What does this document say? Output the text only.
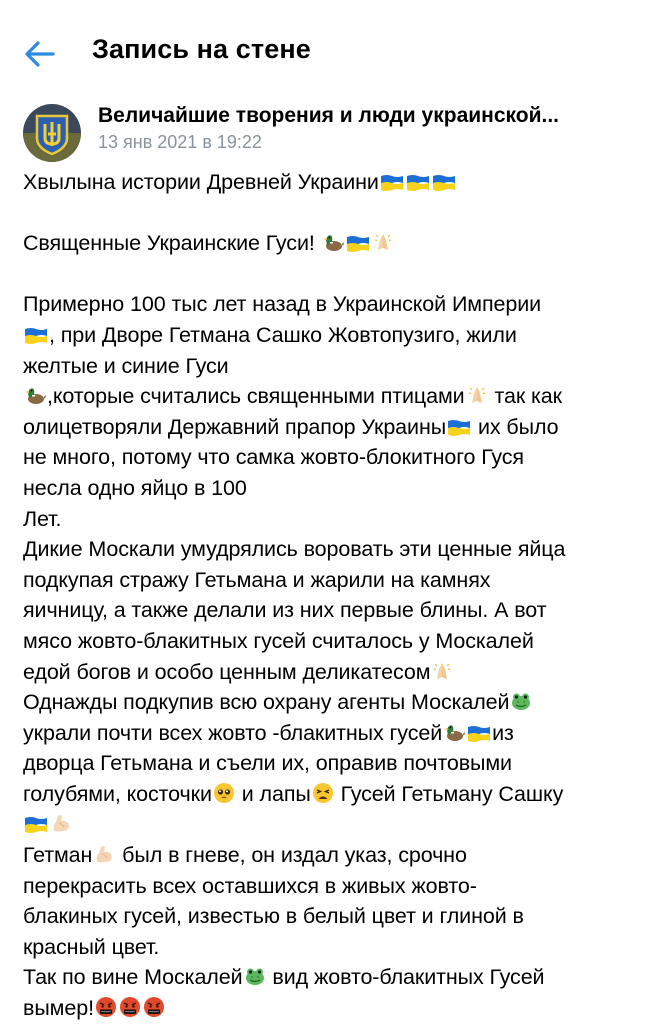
Запись на стене
Величайшие творения и люди украинской...
13 янв 2021 в 19:22

Хвылына истории Древней Украини

Священные Украинские Гуси!

Примерно 100 тыс лет назад в Украинской Империи

, при Дворе Гетмана Сашко Жовтопузиго, жили

желтые и синие Гуси

,которые считались священными птицами так как

олицетворяли Державний прапор Украины их было

не много, потому что самка жовто-блокитного Гуся

несла одно яйцо в 100

Лет.

Дикие Москали умудрялись воровать эти ценные яйца

подкупая стражу Гетьмана и жарили на камнях

яичницу, а также делали из них первые блины. А вот

мясо жовто-блакитных гусей считалось у Москалей

едой богов и особо ценным деликатесом

Однажды подкупив всю охрану агенты Москалей

украли почти всех жовто -блакитных гусей из

дворца Гетьмана и съели их, оправив почтовыми

голубями, косточки и лапы Гусей Гетьману Сашку

Гетман был в гневе, он издал указ, срочно

перекрасить всех оставшихся в живых жовто-

блакиных гусей, известью в белый цвет и глиной в

красный цвет.

Так по вине Москалей вид жовто-блакитных Гусей

вымер!
